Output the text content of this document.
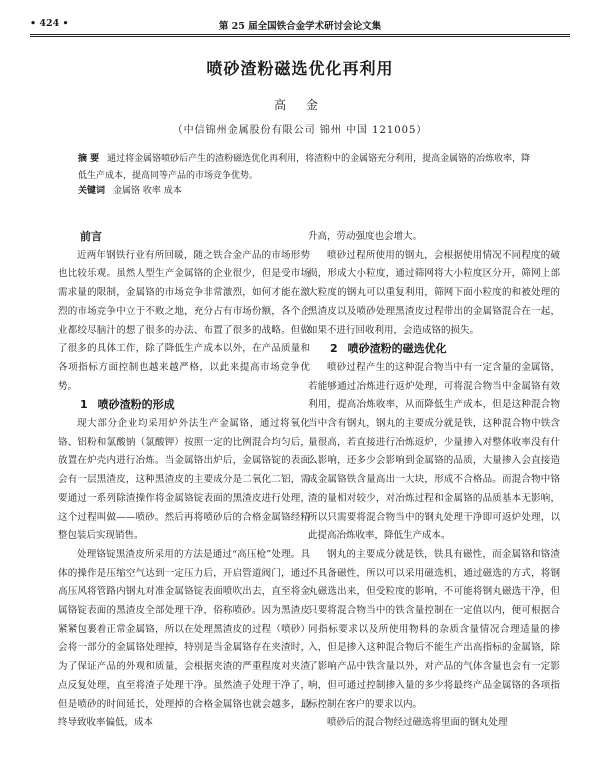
• 424 •	第 25 届全国铁合金学术研讨会论文集
喷砂渣粉磁选优化再利用
高 金
（中信锦州金属股份有限公司 锦州 中国 121005）
摘 要 通过将金属铬喷砂后产生的渣粉磁选优化再利用，将渣粉中的金属铬充分利用，提高金属铬的冶炼收率，降低生产成本，提高同等产品的市场竞争优势。
关键词 金属铬 收率 成本

前言

近两年钢铁行业有所回暖，随之铁合金产品的市场形势也比较乐观。虽然人型生产金属铬的企业很少，但是受市场需求量的限制，金属铬的市场竞争非常激烈，如何才能在激烈的市场竞争中立于不败之地，充分占有市场份额，各个企业都绞尽脑汁的想了很多的办法、布置了很多的战略。但做了很多的具体工作，除了降低生产成本以外，在产品质量和各项指标方面控制也越来越严格，以此来提高市场竞争优势。

1 喷砂渣粉的形成

现大部分企业均采用炉外法生产金属铬，通过将氧化铬、铝粉和氯酸钠（氯酸钾）按照一定的比例混合均匀后，放置在炉壳内进行冶炼。当金属铬出炉后，金属铬锭的表面会有一层黑渣皮，这种黑渣皮的主要成分是二氧化二铝，需要通过一系列除渣操作将金属铬锭表面的黑渣皮进行处理，这个过程叫做——喷砂。然后再将喷砂后的合格金属铬经精整包装后实现销售。

处理铬锭黑渣皮所采用的方法是通过“高压枪”处理。具体的操作是压缩空气达到一定压力后，开启管道阀门，通过高压风将管路内钢丸对准金属铬锭表面喷吹出去，直至将金属铬锭表面的黑渣皮全部处理干净，俗称喷砂。因为黑渣皮紧紧包裹着正常金属铬，所以在处理黑渣皮的过程（喷砂）会将一部分的金属铬处理掉，特别是当金属铬存在夹渣时，为了保证产品的外观和质量，会根据夹渣的严重程度对夹渣点反复处理，直至将渣子处理干净。虽然渣子处理干净了，但是喷砂的时间延长，处理掉的合格金属铬也就会越多，最终导致收率偏低，成本

升高，劳动强度也会增大。

喷砂过程所使用的钢丸，会根据使用情况不同程度的破损，形成大小粒度，通过筛网将大小粒度区分开，筛网上部大粒度的钢丸可以重复利用，筛网下面小粒度的和被处理的黑渣皮以及喷砂处理黑渣皮过程带出的金属铬混合在一起，如果不进行回收利用，会造成铬的损失。

2 喷砂渣粉的磁选优化

喷砂过程产生的这种混合物当中有一定含量的金属铬，若能够通过冶炼进行返炉处理，可将混合物当中金属铬有效利用，提高冶炼收率，从而降低生产成本，但是这种混合物当中含有钢丸，钢丸的主要成分就是铁，这种混合物中铁含量很高，若直接进行冶炼返炉，少量掺入对整体收率没有什么影响，还多少会影响到金属铬的品质，大量掺入会直接造成金属铬铁含量高出一大块，形成不合格品。而混合物中铬渣的量相对较少，对冶炼过程和金属铬的品质基本无影响，所以只需要将混合物当中的钢丸处理干净即可返炉处理，以此提高冶炼收率，降低生产成本。

钢丸的主要成分就是铁，铁具有磁性，而金属铬和铬渣不具备磁性，所以可以采用磁选机，通过磁选的方式，将钢丸磁选出来，但受粒度的影响，不可能将钢丸磁选干净，但只要将混合物当中的铁含量控制在一定值以内，便可根据合同指标要求以及所使用物料的杂质含量情况合理适量的掺入，但是掺入这种混合物后不能生产出高指标的金属铬，除了影响产品中铁含量以外，对产品的气体含量也会有一定影响，但可通过控制掺入量的多少将最终产品金属铬的各项指标控制在客户的要求以内。

喷砂后的混合物经过磁选将里面的钢丸处理
